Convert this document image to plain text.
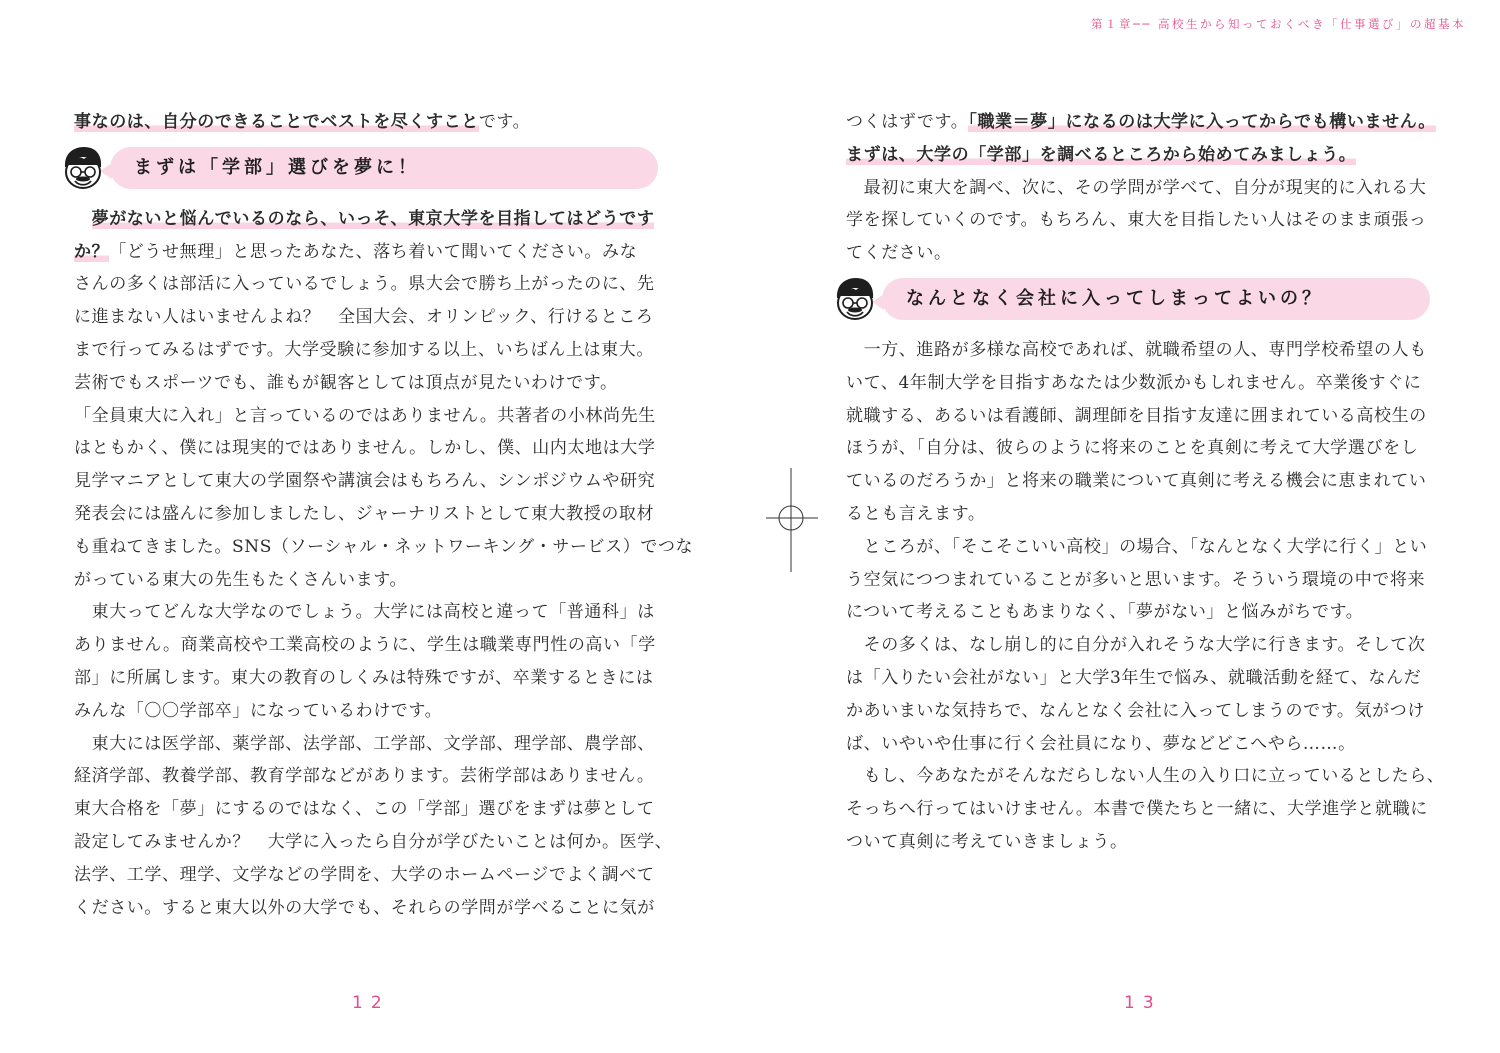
第１章── 高校生から知っておくべき「仕事選び」の超基本
事なのは、自分のできることでベストを尽くすことです。
まずは「学部」選びを夢に！
　夢がないと悩んでいるのなら、いっそ、東京大学を目指してはどうです
か？「どうせ無理」と思ったあなた、落ち着いて聞いてください。みな
さんの多くは部活に入っているでしょう。県大会で勝ち上がったのに、先
に進まない人はいませんよね？　全国大会、オリンピック、行けるところ
まで行ってみるはずです。大学受験に参加する以上、いちばん上は東大。
芸術でもスポーツでも、誰もが観客としては頂点が見たいわけです。
「全員東大に入れ」と言っているのではありません。共著者の小林尚先生
はともかく、僕には現実的ではありません。しかし、僕、山内太地は大学
見学マニアとして東大の学園祭や講演会はもちろん、シンポジウムや研究
発表会には盛んに参加しましたし、ジャーナリストとして東大教授の取材
も重ねてきました。SNS（ソーシャル・ネットワーキング・サービス）でつな
がっている東大の先生もたくさんいます。
　東大ってどんな大学なのでしょう。大学には高校と違って「普通科」は
ありません。商業高校や工業高校のように、学生は職業専門性の高い「学
部」に所属します。東大の教育のしくみは特殊ですが、卒業するときには
みんな「〇〇学部卒」になっているわけです。
　東大には医学部、薬学部、法学部、工学部、文学部、理学部、農学部、
経済学部、教養学部、教育学部などがあります。芸術学部はありません。
東大合格を「夢」にするのではなく、この「学部」選びをまずは夢として
設定してみませんか？　大学に入ったら自分が学びたいことは何か。医学、
法学、工学、理学、文学などの学問を、大学のホームページでよく調べて
ください。すると東大以外の大学でも、それらの学問が学べることに気が
つくはずです。「職業＝夢」になるのは大学に入ってからでも構いません。
まずは、大学の「学部」を調べるところから始めてみましょう。
　最初に東大を調べ、次に、その学問が学べて、自分が現実的に入れる大
学を探していくのです。もちろん、東大を目指したい人はそのまま頑張っ
てください。
なんとなく会社に入ってしまってよいの？
　一方、進路が多様な高校であれば、就職希望の人、専門学校希望の人も
いて、4年制大学を目指すあなたは少数派かもしれません。卒業後すぐに
就職する、あるいは看護師、調理師を目指す友達に囲まれている高校生の
ほうが、「自分は、彼らのように将来のことを真剣に考えて大学選びをし
ているのだろうか」と将来の職業について真剣に考える機会に恵まれてい
るとも言えます。
　ところが、「そこそこいい高校」の場合、「なんとなく大学に行く」とい
う空気につつまれていることが多いと思います。そういう環境の中で将来
について考えることもあまりなく、「夢がない」と悩みがちです。
　その多くは、なし崩し的に自分が入れそうな大学に行きます。そして次
は「入りたい会社がない」と大学3年生で悩み、就職活動を経て、なんだ
かあいまいな気持ちで、なんとなく会社に入ってしまうのです。気がつけ
ば、いやいや仕事に行く会社員になり、夢などどこへやら……。
　もし、今あなたがそんなだらしない人生の入り口に立っているとしたら、
そっちへ行ってはいけません。本書で僕たちと一緒に、大学進学と就職に
ついて真剣に考えていきましょう。
12	13
